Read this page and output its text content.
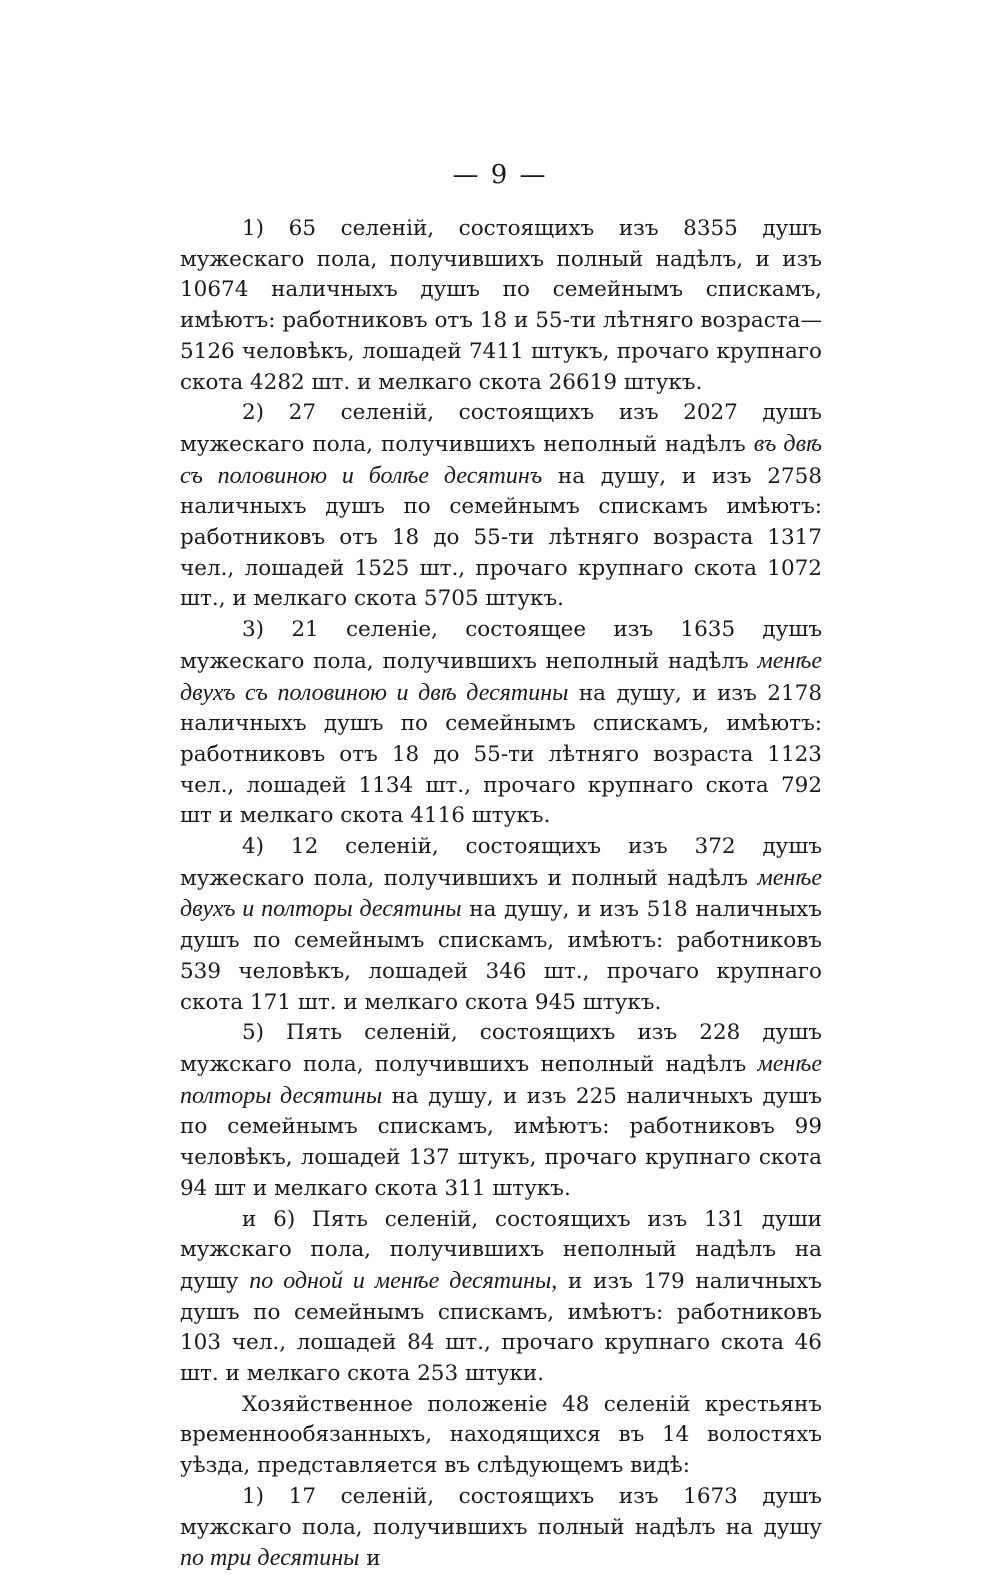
— 9 —

1) 65 селеній, состоящихъ изъ 8355 душъ мужескаго пола, получившихъ полный надѣлъ, и изъ 10674 наличныхъ душъ по семейнымъ спискамъ, имѣютъ: работниковъ отъ 18 и 55-ти лѣтняго возраста—5126 человѣкъ, лошадей 7411 штукъ, прочаго крупнаго скота 4282 шт. и мелкаго скота 26619 штукъ.

2) 27 селеній, состоящихъ изъ 2027 душъ мужескаго пола, получившихъ неполный надѣлъ въ двѣ съ половиною и болѣе десятинъ на душу, и изъ 2758 наличныхъ душъ по семейнымъ спискамъ имѣютъ: работниковъ отъ 18 до 55-ти лѣтняго возраста 1317 чел., лошадей 1525 шт., прочаго крупнаго скота 1072 шт., и мелкаго скота 5705 штукъ.

3) 21 селеніе, состоящее изъ 1635 душъ мужескаго пола, получившихъ неполный надѣлъ менѣе двухъ съ половиною и двѣ десятины на душу, и изъ 2178 наличныхъ душъ по семейнымъ спискамъ, имѣютъ: работниковъ отъ 18 до 55-ти лѣтняго возраста 1123 чел., лошадей 1134 шт., прочаго крупнаго скота 792 шт и мелкаго скота 4116 штукъ.

4) 12 селеній, состоящихъ изъ 372 душъ мужескаго пола, получившихъ и полный надѣлъ менѣе двухъ и полторы десятины на душу, и изъ 518 наличныхъ душъ по семейнымъ спискамъ, имѣютъ: работниковъ 539 человѣкъ, лошадей 346 шт., прочаго крупнаго скота 171 шт. и мелкаго скота 945 штукъ.

5) Пять селеній, состоящихъ изъ 228 душъ мужскаго пола, получившихъ неполный надѣлъ менѣе полторы десятины на душу, и изъ 225 наличныхъ душъ по семейнымъ спискамъ, имѣютъ: работниковъ 99 человѣкъ, лошадей 137 штукъ, прочаго крупнаго скота 94 шт и мелкаго скота 311 штукъ.

и 6) Пять селеній, состоящихъ изъ 131 души мужскаго пола, получившихъ неполный надѣлъ на душу по одной и менѣе десятины, и изъ 179 наличныхъ душъ по семейнымъ спискамъ, имѣютъ: работниковъ 103 чел., лошадей 84 шт., прочаго крупнаго скота 46 шт. и мелкаго скота 253 штуки.

Хозяйственное положеніе 48 селеній крестьянъ временнообязанныхъ, находящихся въ 14 волостяхъ уѣзда, представляется въ слѣдующемъ видѣ:

1) 17 селеній, состоящихъ изъ 1673 душъ мужскаго пола, получившихъ полный надѣлъ на душу по три десятины и
